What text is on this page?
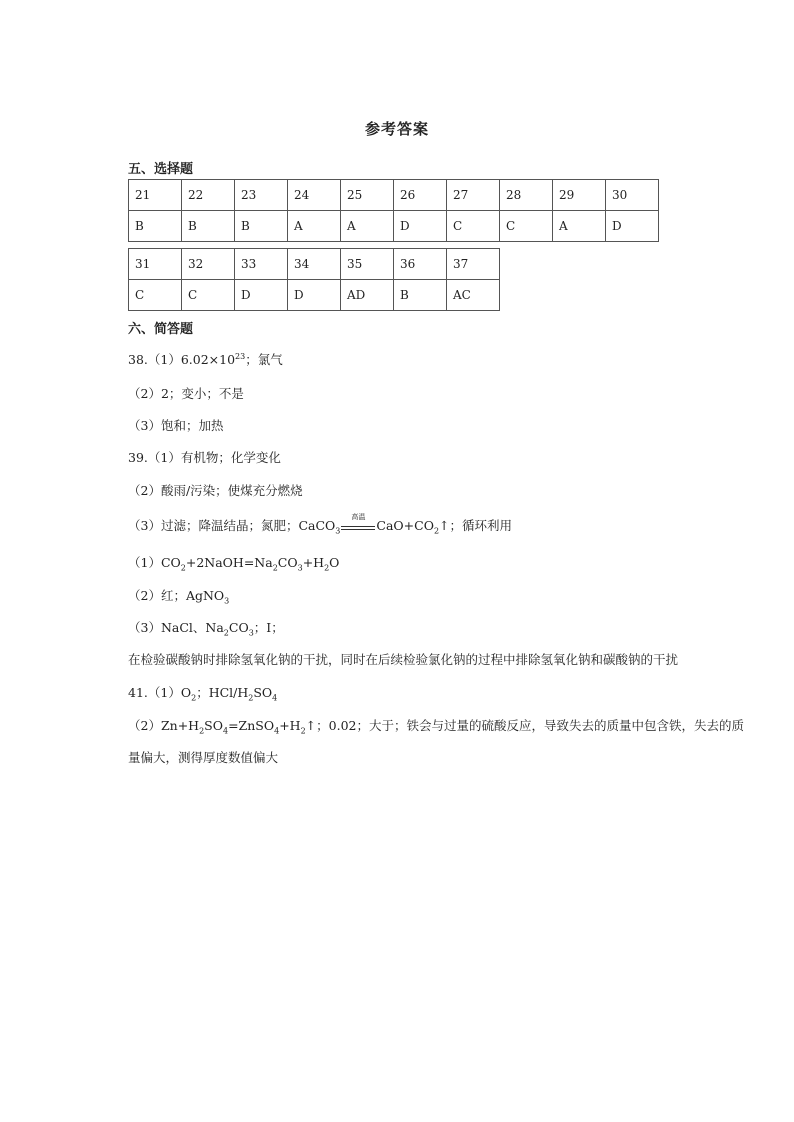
参考答案
五、选择题
21	22	23	24	25	26	27	28	29	30
B	B	B	A	A	D	C	C	A	D
31	32	33	34	35	36	37
C	C	D	D	AD	B	AC
六、简答题
$38.(1)6.02\times 10^{23}$；氯气
（2）2；变小；不是
（3）饱和；加热
39.（1）有机物；化学变化
（2）酸雨/污染；使煤充分燃烧
（3）过滤；降温结晶；氮肥；CaCO$_3$
高温
$CaO+CO_2↑$；循环利用
$(1)CO_2+2NaOH=Na_2CO_3+H_2O$
（2）红；AgNO$_3$
（3）NaCl、$Na_2CO_3$；I；
在检验碳酸钠时排除氢氧化钠的干扰，同时在后续检验氯化钠的过程中排除氢氧化钠和碳酸钠的干扰
$41.(1)O_2$；HCl/$H_2SO_4$
$(2)Zn+H_2SO_4=ZnSO_4+H_2↑$；0.02；大于；铁会与过量的硫酸反应，导致失去的质量中包含铁，失去的质
量偏大，测得厚度数值偏大
